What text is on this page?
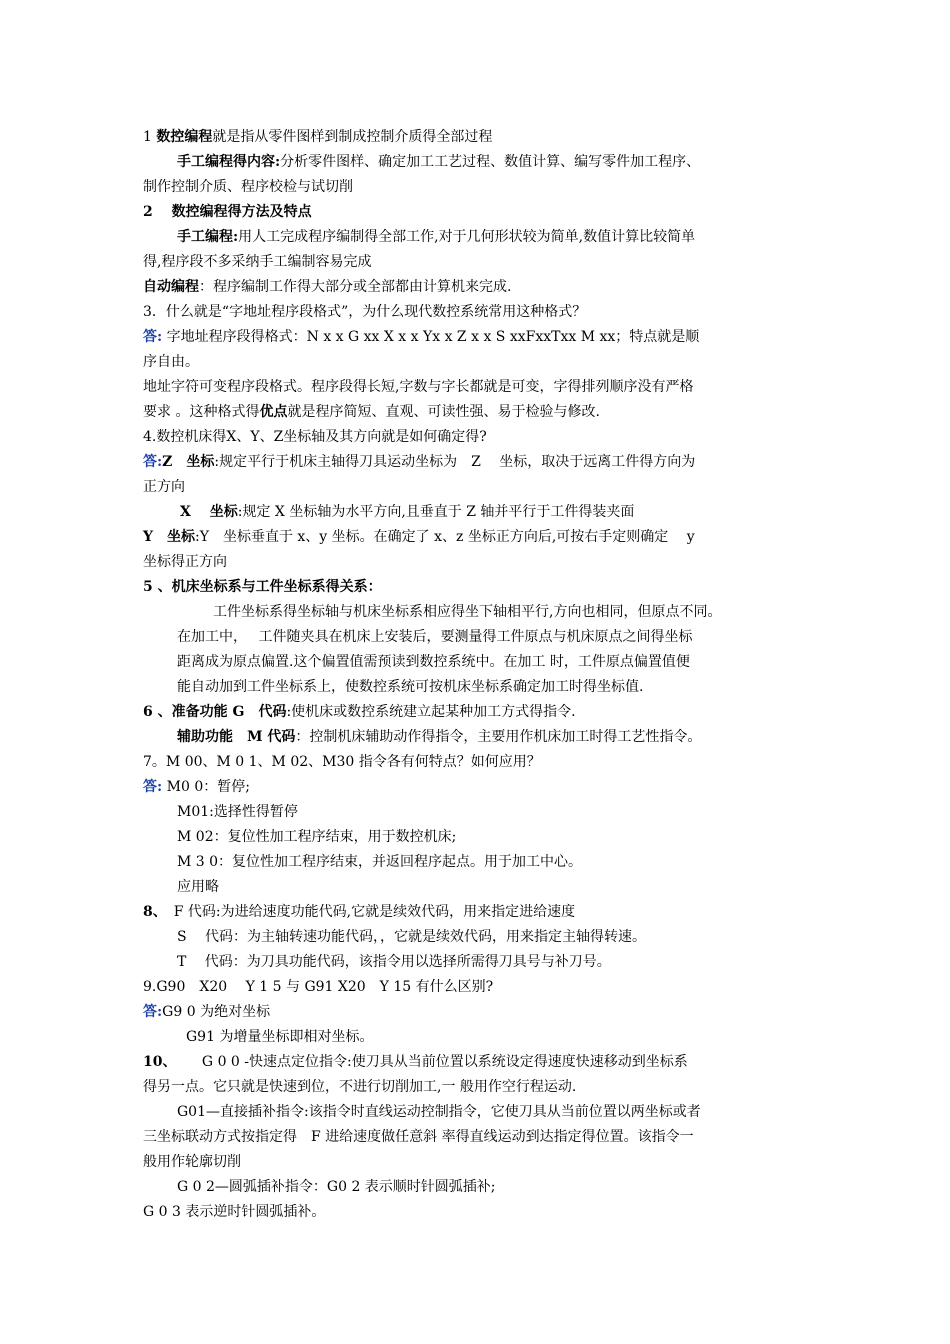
1 数控编程就是指从零件图样到制成控制介质得全部过程
手工编程得内容:分析零件图样、确定加工工艺过程、数值计算、编写零件加工程序、
制作控制介质、程序校检与试切削
2　 数控编程得方法及特点
手工编程:用人工完成程序编制得全部工作,对于几何形状较为简单,数值计算比较简单
得,程序段不多采纳手工编制容易完成
自动编程：程序编制工作得大部分或全部都由计算机来完成.
3．什么就是“字地址程序段格式”，为什么现代数控系统常用这种格式？
答: 字地址程序段得格式：N x x G xx X x x Yx x Z x x S xxFxxTxx M xx；特点就是顺
序自由。
地址字符可变程序段格式。程序段得长短,字数与字长都就是可变，字得排列顺序没有严格
要求 。这种格式得优点就是程序简短、直观、可读性强、易于检验与修改.
4.数控机床得X、Y、Z坐标轴及其方向就是如何确定得?
答:Z　坐标:规定平行于机床主轴得刀具运动坐标为　Z　 坐标，取决于远离工件得方向为
正方向
X　 坐标:规定 X 坐标轴为水平方向,且垂直于 Z 轴并平行于工件得装夹面
Y　坐标:Y　坐标垂直于 x、y 坐标。在确定了 x、z 坐标正方向后,可按右手定则确定　 y
坐标得正方向
5 、机床坐标系与工件坐标系得关系：
工件坐标系得坐标轴与机床坐标系相应得坐下轴相平行,方向也相同，但原点不同。
在加工中，　 工件随夹具在机床上安装后，要测量得工件原点与机床原点之间得坐标
距离成为原点偏置.这个偏置值需预读到数控系统中。在加工 时，工件原点偏置值便
能自动加到工件坐标系上，使数控系统可按机床坐标系确定加工时得坐标值.
6 、准备功能 G　代码:使机床或数控系统建立起某种加工方式得指令.
辅助功能　M 代码：控制机床辅助动作得指令，主要用作机床加工时得工艺性指令。
7。M 00、M 0 1、M 02、M30 指令各有何特点？如何应用？
答: M0 0：暂停;
M01:选择性得暂停
M 02：复位性加工程序结束，用于数控机床;
M 3 0：复位性加工程序结束，并返回程序起点。用于加工中心。
应用略
8、　F 代码:为进给速度功能代码,它就是续效代码，用来指定进给速度
S　 代码：为主轴转速功能代码，，它就是续效代码，用来指定主轴得转速。
T　 代码：为刀具功能代码，该指令用以选择所需得刀具号与补刀号。
9.G90　X20　 Y 1 5 与 G91 X20　Y 15 有什么区别?
答:G9 0 为绝对坐标
G91 为增量坐标即相对坐标。
10、　　 G 0 0 -快速点定位指令:使刀具从当前位置以系统设定得速度快速移动到坐标系
得另一点。它只就是快速到位，不进行切削加工,一 般用作空行程运动.
G01—直接插补指令:该指令时直线运动控制指令，它使刀具从当前位置以两坐标或者
三坐标联动方式按指定得　F 进给速度做任意斜 率得直线运动到达指定得位置。该指令一
般用作轮廓切削
G 0 2—圆弧插补指令：G0 2 表示顺时针圆弧插补;
G 0 3 表示逆时针圆弧插补。
